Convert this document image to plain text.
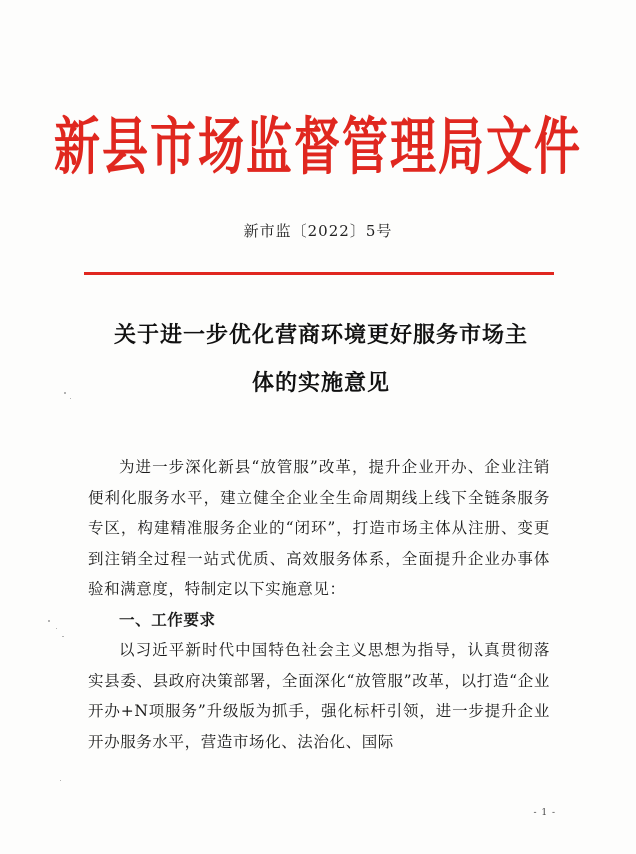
新县市场监督管理局文件
新市监〔2022〕5号
关于进一步优化营商环境更好服务市场主
体的实施意见

为进一步深化新县“放管服”改革，提升企业开办、企业注销便利化服务水平，建立健全企业全生命周期线上线下全链条服务专区，构建精准服务企业的“闭环”，打造市场主体从注册、变更到注销全过程一站式优质、高效服务体系，全面提升企业办事体验和满意度，特制定以下实施意见：

一、工作要求

以习近平新时代中国特色社会主义思想为指导，认真贯彻落实县委、县政府决策部署，全面深化“放管服”改革，以打造“企业开办+N项服务”升级版为抓手，强化标杆引领，进一步提升企业开办服务水平，营造市场化、法治化、国际

- 1 -
